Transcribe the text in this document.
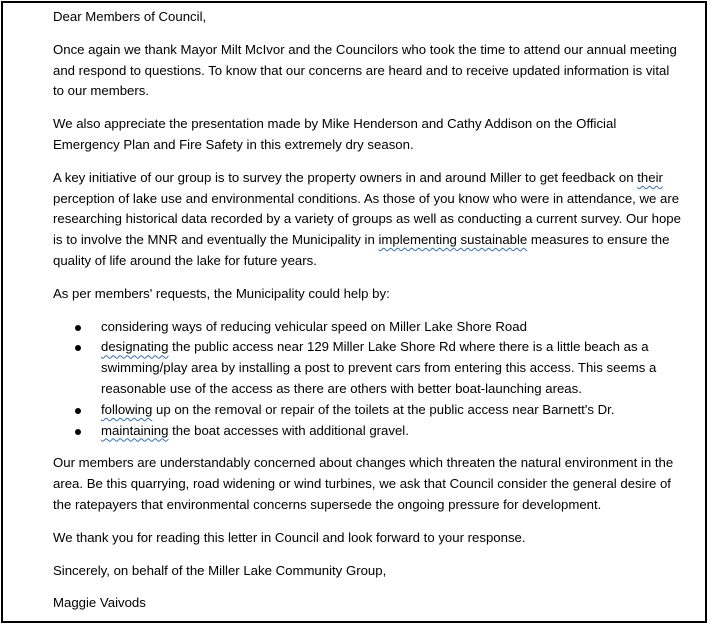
Dear Members of Council,

Once again we thank Mayor Milt McIvor and the Councilors who took the time to attend our annual meeting and respond to questions. To know that our concerns are heard and to receive updated information is vital to our members.

We also appreciate the presentation made by Mike Henderson and Cathy Addison on the Official Emergency Plan and Fire Safety in this extremely dry season.

A key initiative of our group is to survey the property owners in and around Miller to get feedback on their perception of lake use and environmental conditions. As those of you know who were in attendance, we are researching historical data recorded by a variety of groups as well as conducting a current survey. Our hope is to involve the MNR and eventually the Municipality in implementing sustainable measures to ensure the quality of life around the lake for future years.

As per members' requests, the Municipality could help by:

considering ways of reducing vehicular speed on Miller Lake Shore Road
designating the public access near 129 Miller Lake Shore Rd where there is a little beach as a swimming/play area by installing a post to prevent cars from entering this access. This seems a reasonable use of the access as there are others with better boat-launching areas.
following up on the removal or repair of the toilets at the public access near Barnett's Dr.
maintaining the boat accesses with additional gravel.

Our members are understandably concerned about changes which threaten the natural environment in the area. Be this quarrying, road widening or wind turbines, we ask that Council consider the general desire of the ratepayers that environmental concerns supersede the ongoing pressure for development.

We thank you for reading this letter in Council and look forward to your response.

Sincerely, on behalf of the Miller Lake Community Group,

Maggie Vaivods
